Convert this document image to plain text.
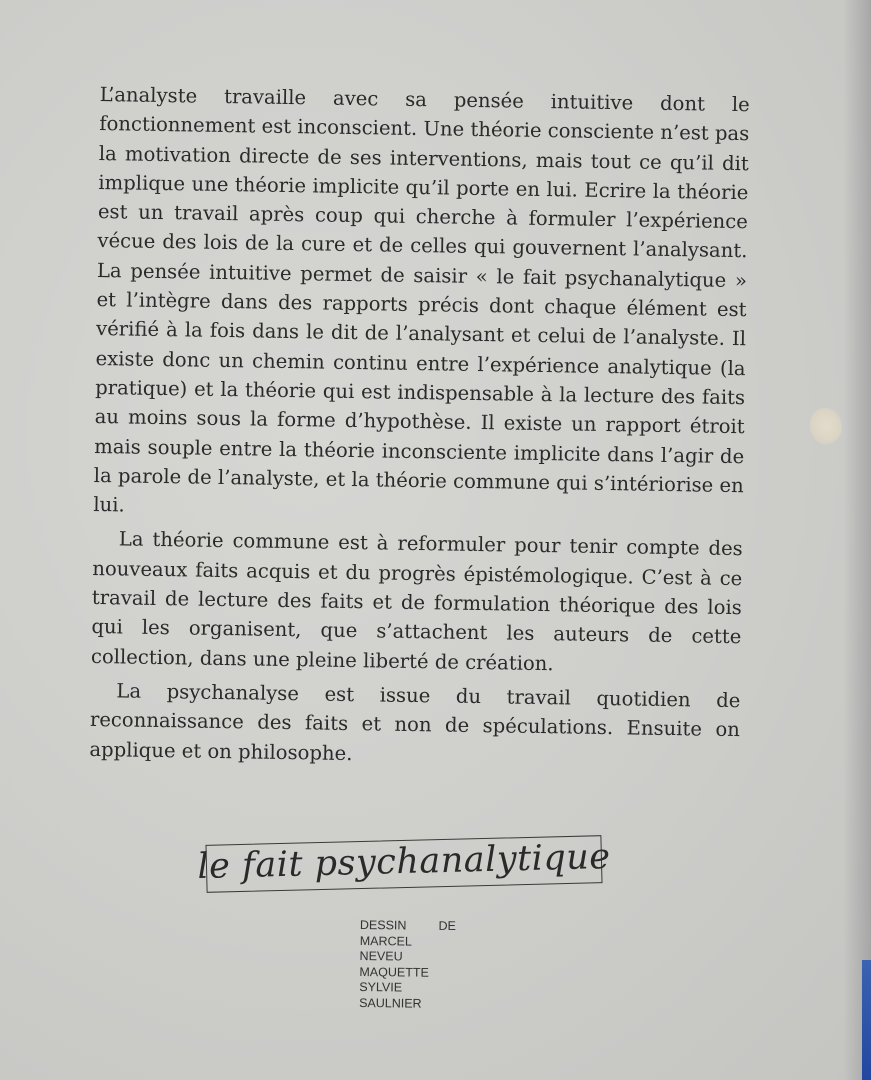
L’analyste travaille avec sa pensée intuitive dont le fonctionnement est inconscient. Une théorie consciente n’est pas la motivation directe de ses interventions, mais tout ce qu’il dit implique une théorie implicite qu’il porte en lui. Ecrire la théorie est un travail après coup qui cherche à formuler l’expérience vécue des lois de la cure et de celles qui gouvernent l’analysant. La pensée intuitive permet de saisir « le fait psychanalytique » et l’intègre dans des rapports précis dont chaque élément est vérifié à la fois dans le dit de l’analysant et celui de l’analyste. Il existe donc un chemin continu entre l’expérience analytique (la pratique) et la théorie qui est indispensable à la lecture des faits au moins sous la forme d’hypothèse. Il existe un rapport étroit mais souple entre la théorie inconsciente implicite dans l’agir de la parole de l’analyste, et la théorie commune qui s’intériorise en lui.

La théorie commune est à reformuler pour tenir compte des nouveaux faits acquis et du progrès épistémologique. C’est à ce travail de lecture des faits et de formulation théorique des lois qui les organisent, que s’attachent les auteurs de cette collection, dans une pleine liberté de création.

La psychanalyse est issue du travail quotidien de reconnaissance des faits et non de spéculations. Ensuite on applique et on philosophe.

le fait psychanalytique
DESSIN DE
MARCEL
NEVEU
MAQUETTE
SYLVIE
SAULNIER
